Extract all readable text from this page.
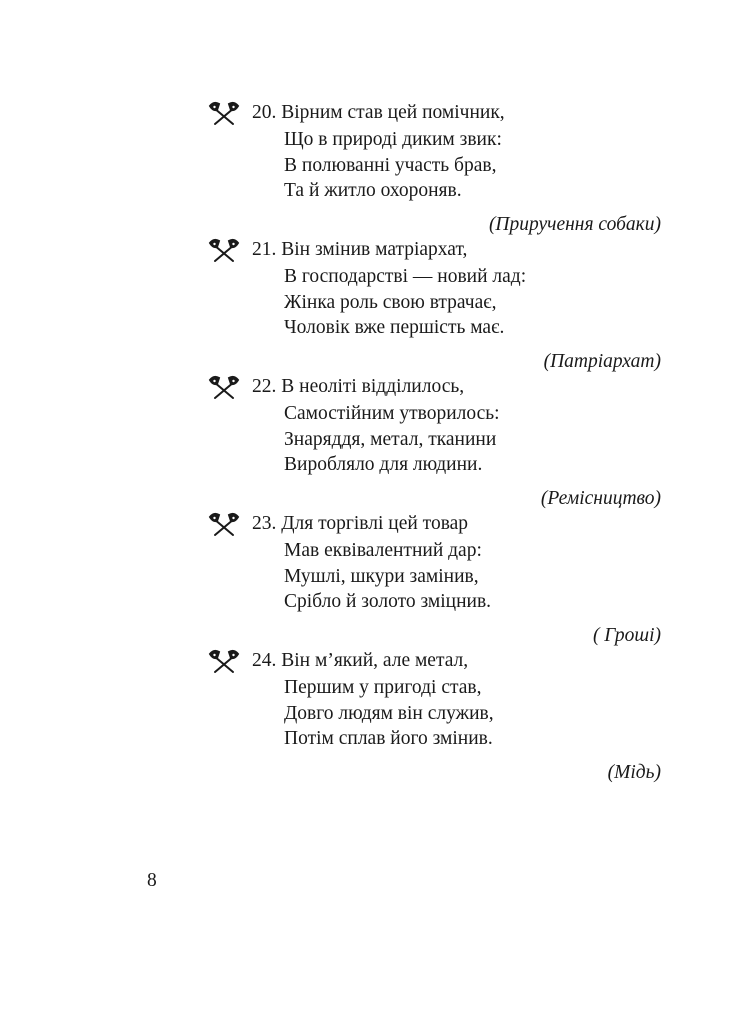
20. Вірним став цей помічник,

Що в природі диким звик:

В полюванні участь брав,

Та й житло охороняв.

(Приручення собаки)

21. Він змінив матріархат,

В господарстві — новий лад:

Жінка роль свою втрачає,

Чоловік вже першість має.

(Патріархат)

22. В неоліті відділилось,

Самостійним утворилось:

Знаряддя, метал, тканини

Виробляло для людини.

(Ремісництво)

23. Для торгівлі цей товар

Мав еквівалентний дар:

Мушлі, шкури замінив,

Срібло й золото зміцнив.

( Гроші)

24. Він м’який, але метал,

Першим у пригоді став,

Довго людям він служив,

Потім сплав його змінив.

(Мідь)
8
